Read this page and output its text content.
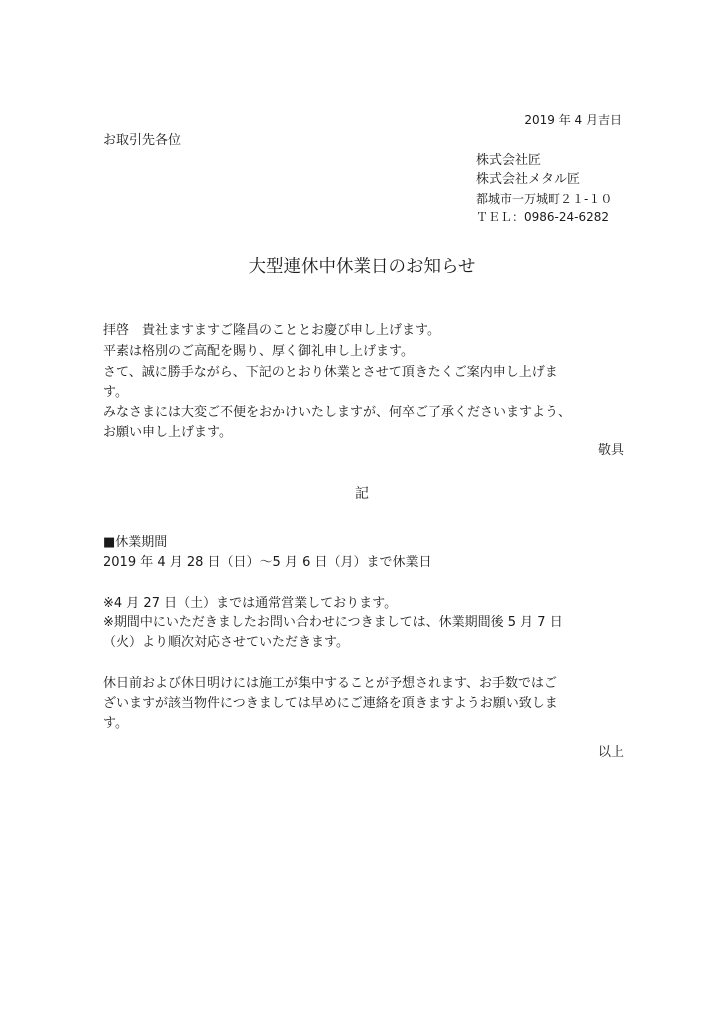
2019 年 4 月吉日
お取引先各位
株式会社匠
株式会社メタル匠
都城市一万城町２１-１０
ＴＥＬ：0986-24-6282
大型連休中休業日のお知らせ
拝啓　貴社ますますご隆昌のこととお慶び申し上げます。
平素は格別のご高配を賜り、厚く御礼申し上げます。
さて、誠に勝手ながら、下記のとおり休業とさせて頂きたくご案内申し上げま
す。
みなさまには大変ご不便をおかけいたしますが、何卒ご了承くださいますよう、
お願い申し上げます。
敬具
記
■休業期間
2019 年 4 月 28 日（日）～5 月 6 日（月）まで休業日
※4 月 27 日（土）までは通常営業しております。
※期間中にいただきましたお問い合わせにつきましては、休業期間後 5 月 7 日
（火）より順次対応させていただきます。
休日前および休日明けには施工が集中することが予想されます、お手数ではご
ざいますが該当物件につきましては早めにご連絡を頂きますようお願い致しま
す。
以上
